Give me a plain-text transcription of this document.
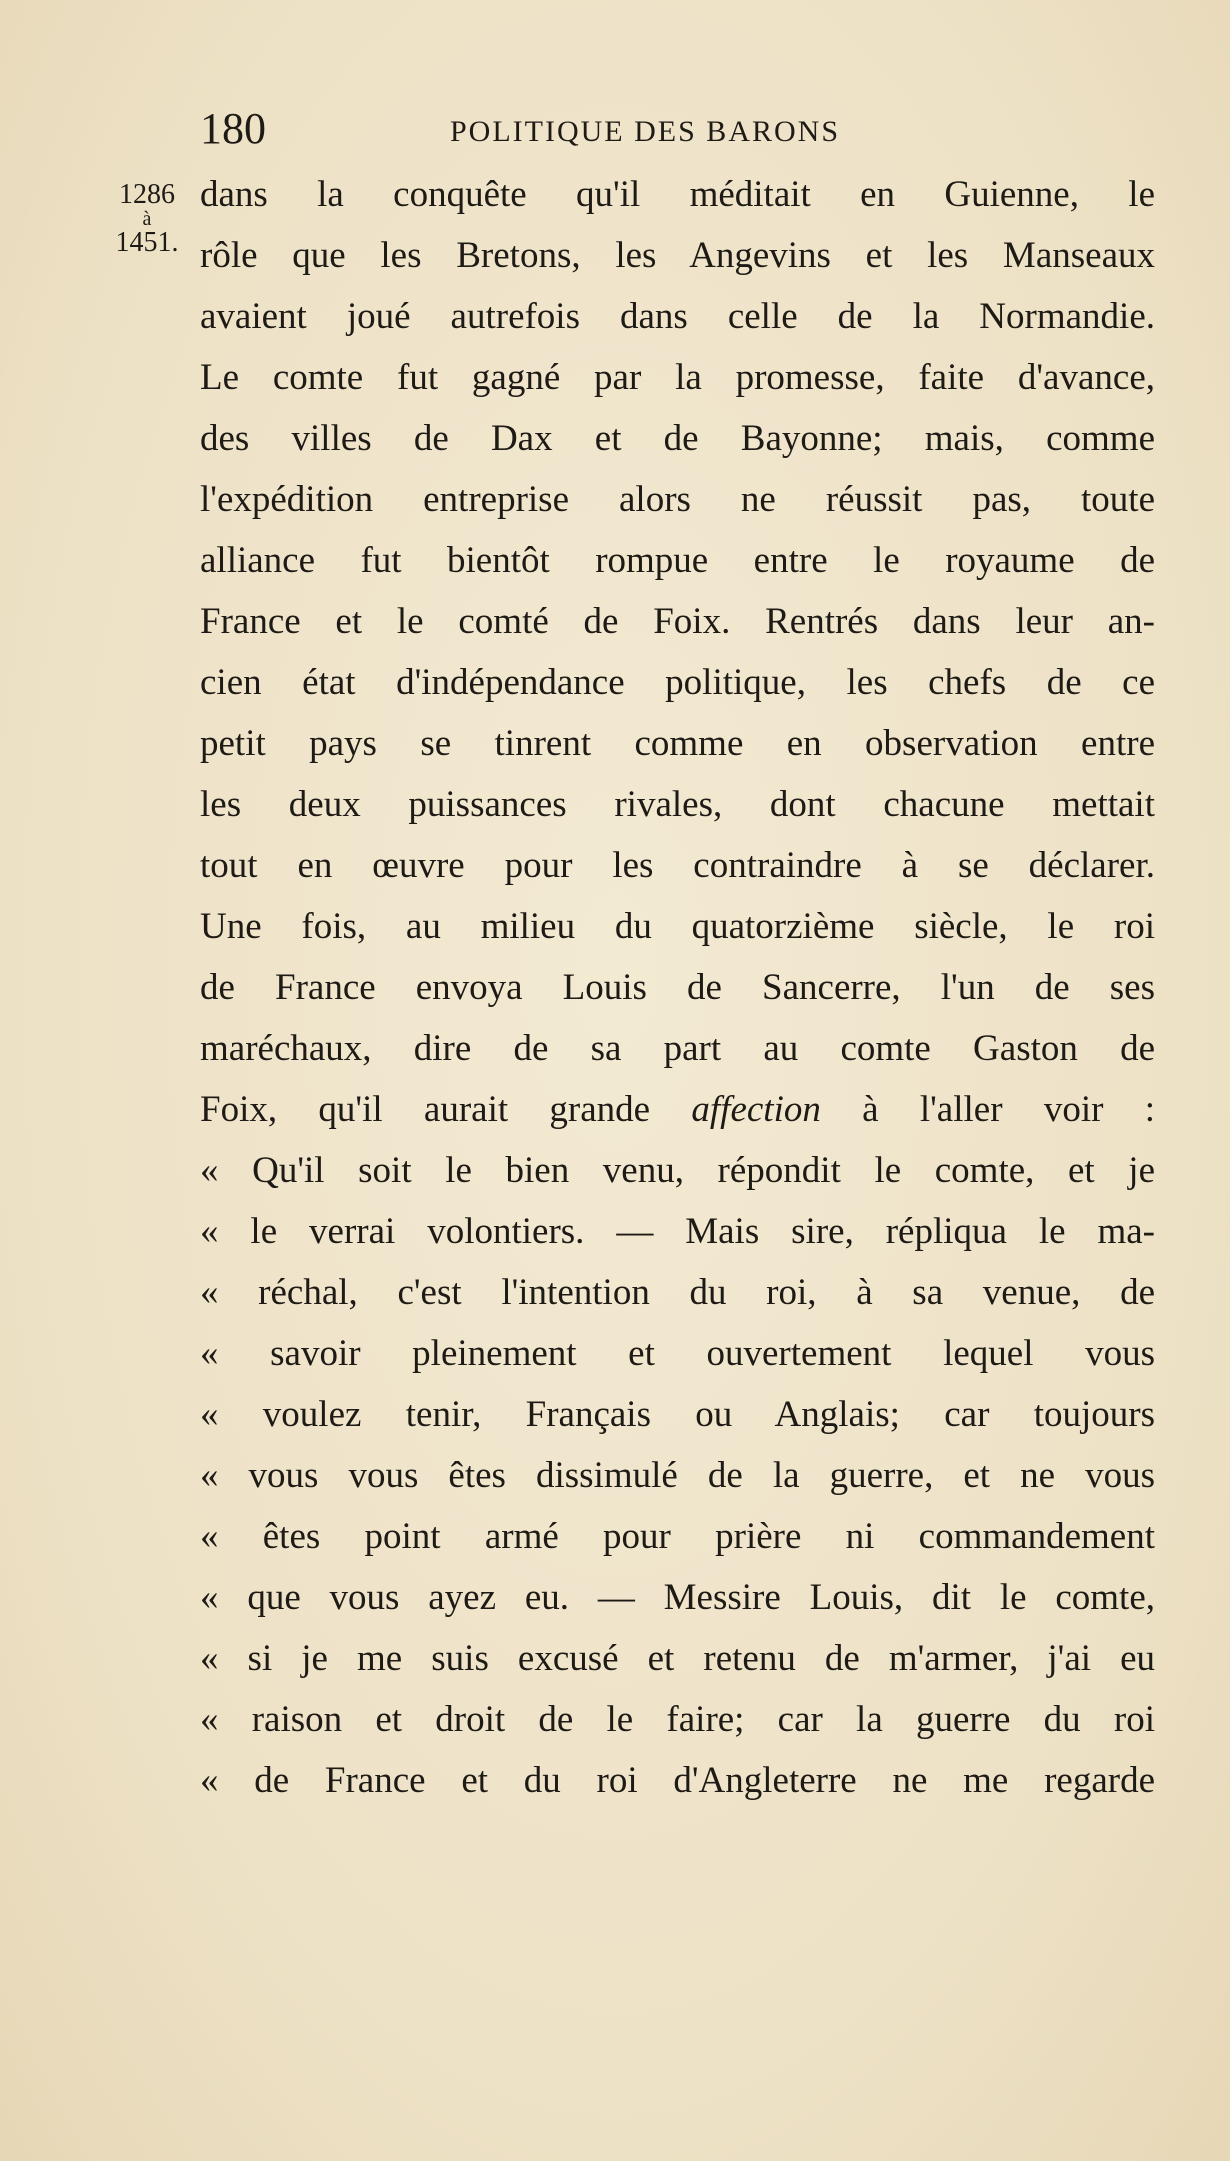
180	POLITIQUE DES BARONS
1286
à
1451.
dans la conquête qu'il méditait en Guienne, le
rôle que les Bretons, les Angevins et les Manseaux
avaient joué autrefois dans celle de la Normandie.
Le comte fut gagné par la promesse, faite d'avance,
des villes de Dax et de Bayonne; mais, comme
l'expédition entreprise alors ne réussit pas, toute
alliance fut bientôt rompue entre le royaume de
France et le comté de Foix. Rentrés dans leur an-
cien état d'indépendance politique, les chefs de ce
petit pays se tinrent comme en observation entre
les deux puissances rivales, dont chacune mettait
tout en œuvre pour les contraindre à se déclarer.
Une fois, au milieu du quatorzième siècle, le roi
de France envoya Louis de Sancerre, l'un de ses
maréchaux, dire de sa part au comte Gaston de
Foix, qu'il aurait grande affection à l'aller voir :
« Qu'il soit le bien venu, répondit le comte, et je
« le verrai volontiers. — Mais sire, répliqua le ma-
« réchal, c'est l'intention du roi, à sa venue, de
« savoir pleinement et ouvertement lequel vous
« voulez tenir, Français ou Anglais; car toujours
« vous vous êtes dissimulé de la guerre, et ne vous
« êtes point armé pour prière ni commandement
« que vous ayez eu. — Messire Louis, dit le comte,
« si je me suis excusé et retenu de m'armer, j'ai eu
« raison et droit de le faire; car la guerre du roi
« de France et du roi d'Angleterre ne me regarde
